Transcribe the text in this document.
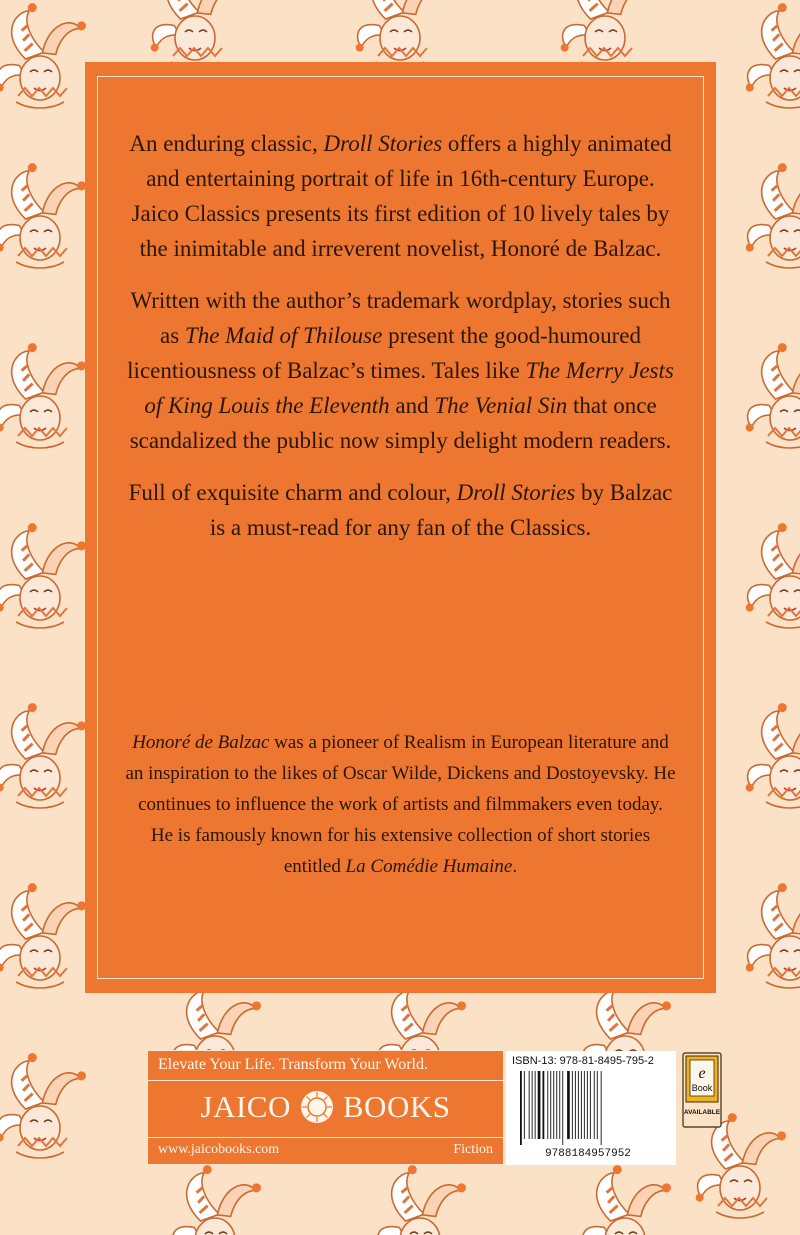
An enduring classic, Droll Stories offers a highly animated and entertaining portrait of life in 16th-century Europe. Jaico Classics presents its first edition of 10 lively tales by the inimitable and irreverent novelist, Honoré de Balzac.

Written with the author’s trademark wordplay, stories such as The Maid of Thilouse present the good-humoured licentiousness of Balzac’s times. Tales like The Merry Jests of King Louis the Eleventh and The Venial Sin that once scandalized the public now simply delight modern readers.

Full of exquisite charm and colour, Droll Stories by Balzac is a must-read for any fan of the Classics.

Honoré de Balzac was a pioneer of Realism in European literature and an inspiration to the likes of Oscar Wilde, Dickens and Dostoyevsky. He continues to influence the work of artists and filmmakers even today. He is famously known for his extensive collection of short stories entitled La Comédie Humaine.

Elevate Your Life. Transform Your World.
JAICO BOOKS
www.jaicobooks.com	Fiction
ISBN-13: 978-81-8495-795-2
9788184957952
e
Book
AVAILABLE
